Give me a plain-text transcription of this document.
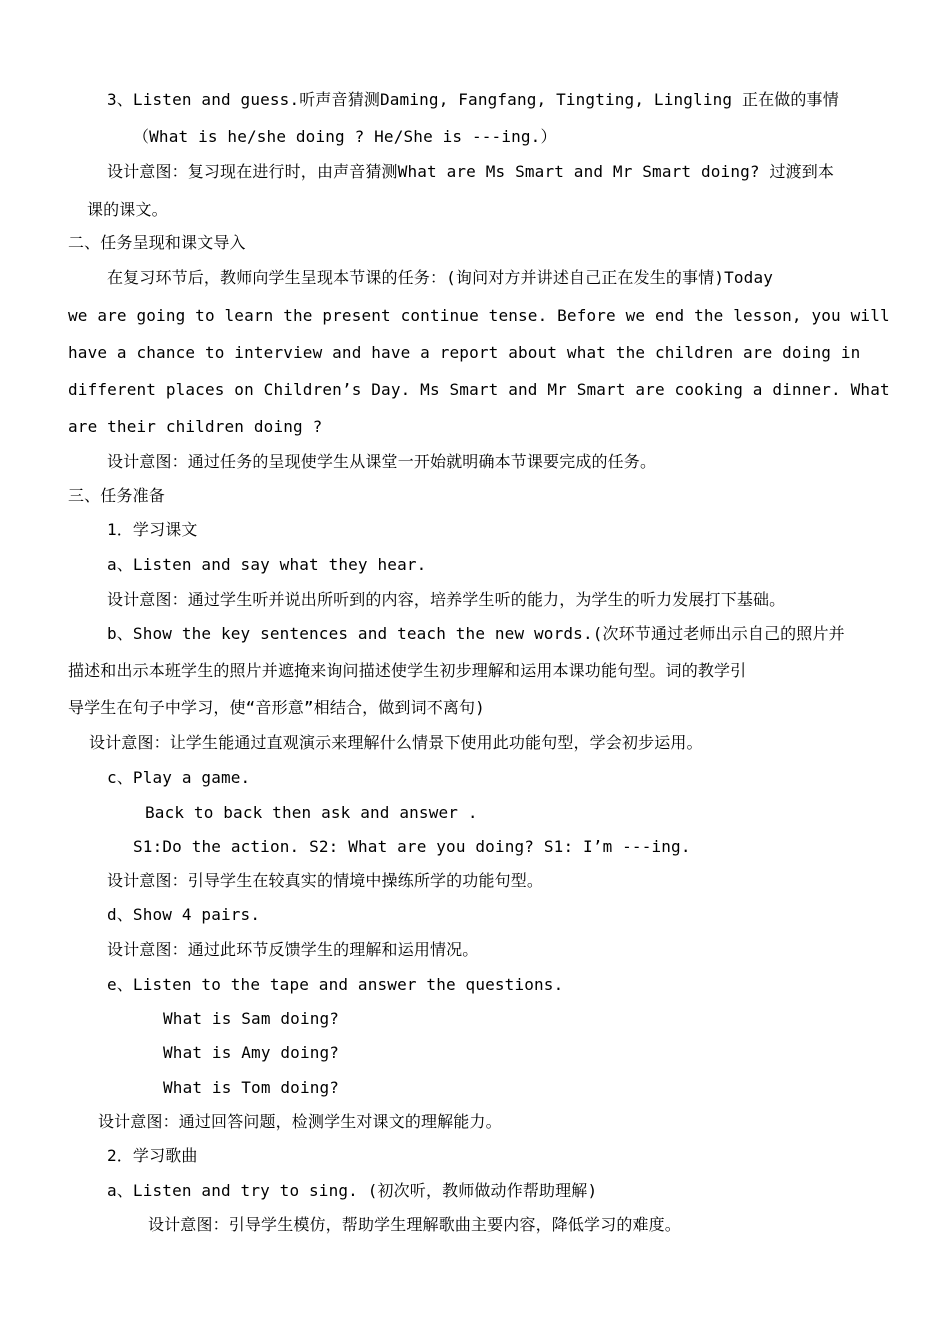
3、Listen and guess.听声音猜测Daming, Fangfang, Tingting, Lingling 正在做的事情
（What is he/she doing ? He/She is ---ing.）
设计意图：复习现在进行时，由声音猜测What are Ms Smart and Mr Smart doing? 过渡到本
课的课文。
二、任务呈现和课文导入
在复习环节后，教师向学生呈现本节课的任务：(询问对方并讲述自己正在发生的事情)Today
we are going to learn the present continue tense. Before we end the lesson, you will
have a chance to interview and have a report about what the children are doing in
different places on Children’s Day. Ms Smart and Mr Smart are cooking a dinner. What
are their children doing ?
设计意图：通过任务的呈现使学生从课堂一开始就明确本节课要完成的任务。
三、任务准备
1．学习课文
a、Listen and say what they hear.
设计意图：通过学生听并说出所听到的内容，培养学生听的能力，为学生的听力发展打下基础。
b、Show the key sentences and teach the new words.(次环节通过老师出示自己的照片并
描述和出示本班学生的照片并遮掩来询问描述使学生初步理解和运用本课功能句型。词的教学引
导学生在句子中学习，使“音形意”相结合，做到词不离句)
设计意图：让学生能通过直观演示来理解什么情景下使用此功能句型，学会初步运用。
c、Play a game.
Back to back then ask and answer .
S1:Do the action. S2: What are you doing? S1: I’m ---ing.
设计意图：引导学生在较真实的情境中操练所学的功能句型。
d、Show 4 pairs.
设计意图：通过此环节反馈学生的理解和运用情况。
e、Listen to the tape and answer the questions.
What is Sam doing?
What is Amy doing?
What is Tom doing?
设计意图：通过回答问题，检测学生对课文的理解能力。
2．学习歌曲
a、Listen and try to sing. (初次听，教师做动作帮助理解)
设计意图：引导学生模仿，帮助学生理解歌曲主要内容，降低学习的难度。
